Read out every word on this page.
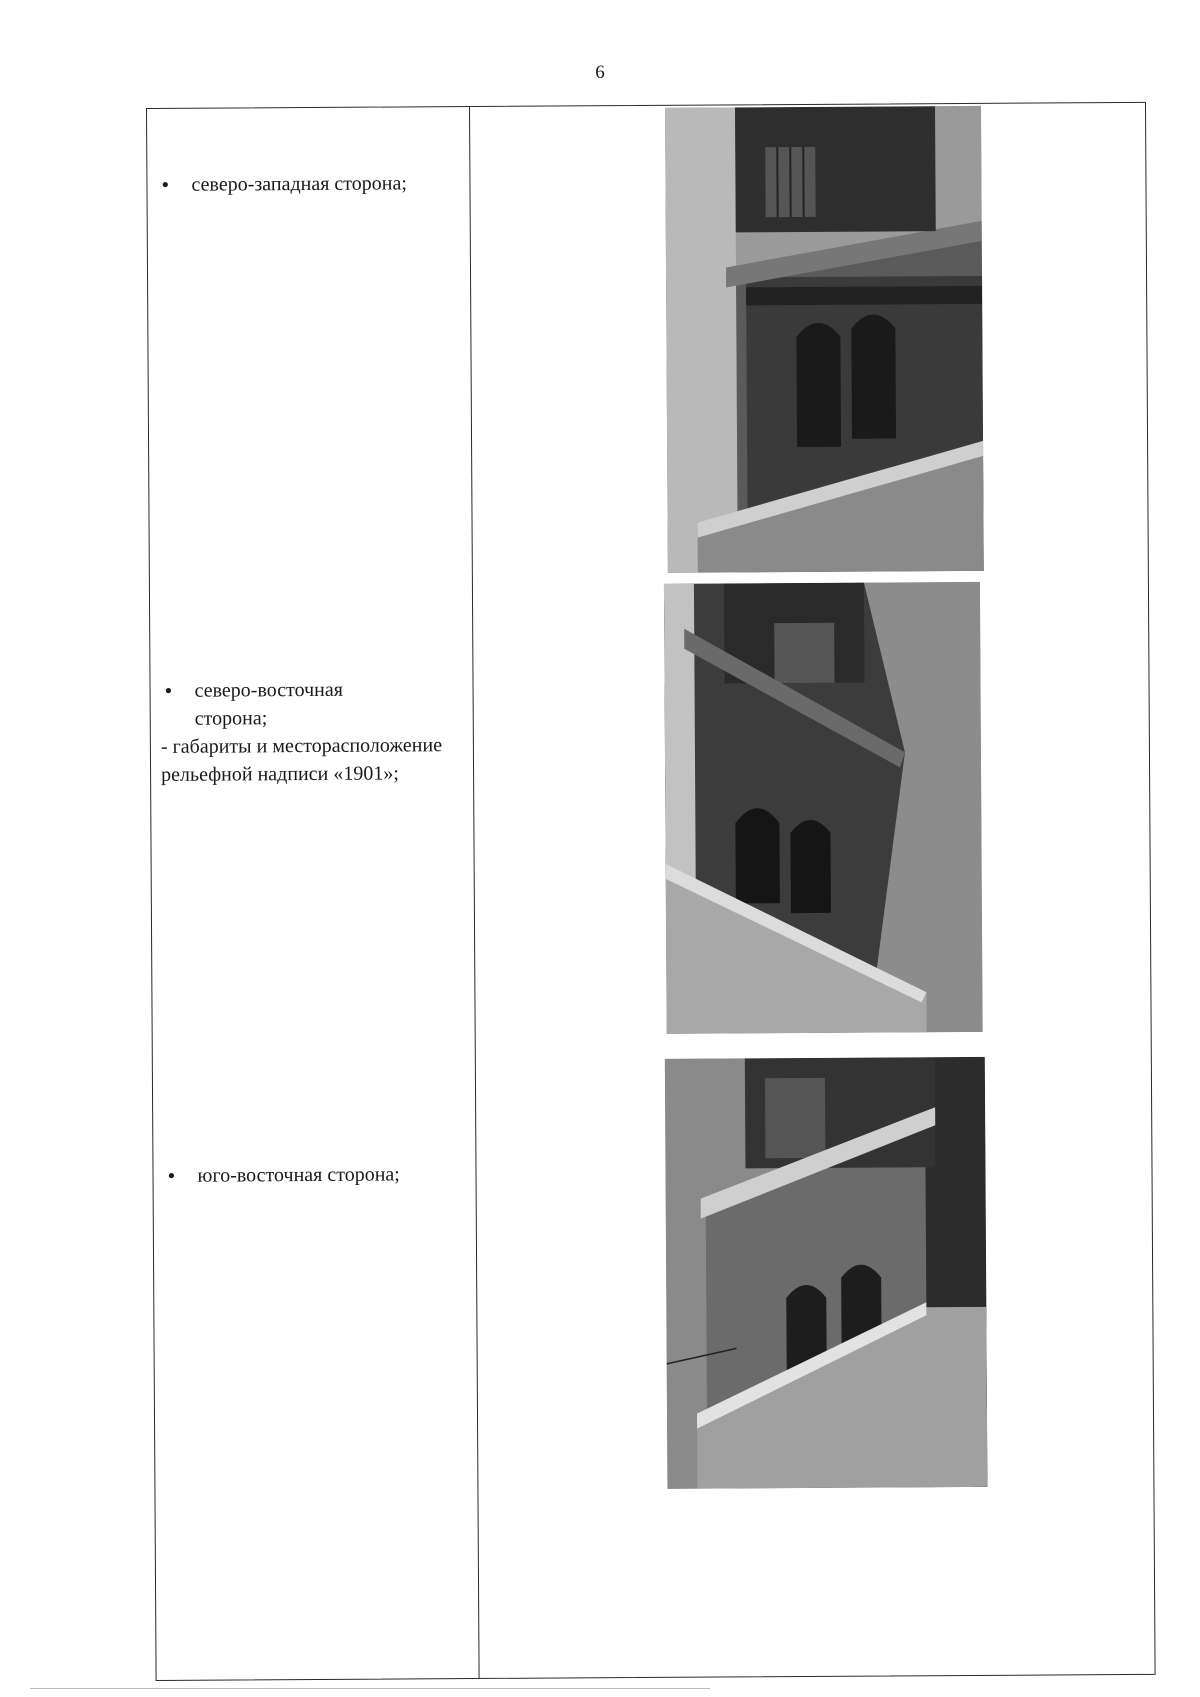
6
• северо-западная сторона;
• северо-восточная сторона;
- габариты и месторасположение рельефной надписи «1901»;
• юго-восточная сторона;
